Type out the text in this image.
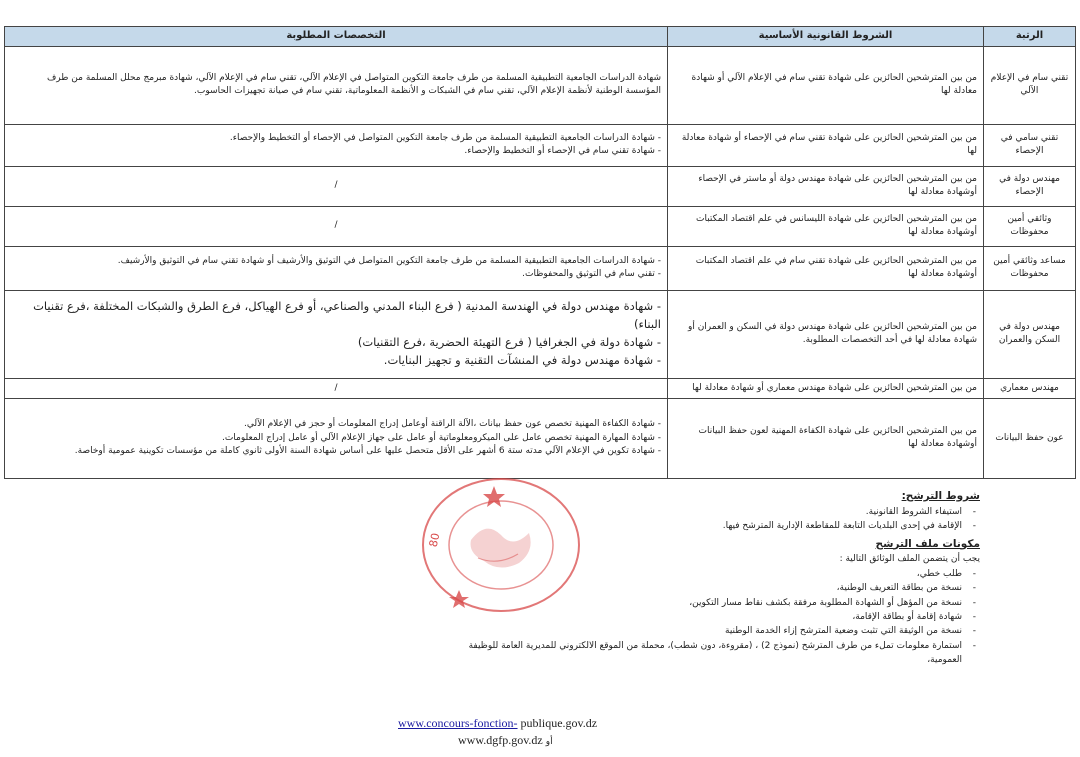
الرتبة	الشروط القانونية الأساسية	التخصصات المطلوبة
تقني سام في الإعلام الآلي	من بين المترشحين الحائزين على شهادة تقني سام في الإعلام الآلي أو شهادة معادلة لها	شهادة الدراسات الجامعية التطبيقية المسلمة من طرف جامعة التكوين المتواصل في الإعلام الآلي، تقني سام في الإعلام الآلي، شهادة مبرمج محلل المسلمة من طرف المؤسسة الوطنية لأنظمة الإعلام الآلي، تقني سام في الشبكات و الأنظمة المعلوماتية، تقني سام في صيانة تجهيزات الحاسوب.

تقني سامي في الإحصاء	من بين المترشحين الحائزين على شهادة تقني سام في الإحصاء أو شهادة معادلة لها	- شهادة الدراسات الجامعية التطبيقية المسلمة من طرف جامعة التكوين المتواصل في الإحصاء أو التخطيط والإحصاء.
- شهادة تقني سام في الإحصاء أو التخطيط والإحصاء.

مهندس دولة في الإحصاء	من بين المترشحين الحائزين على شهادة مهندس دولة أو ماستر في الإحصاء أوشهادة معادلة لها	/

وثائقي أمين محفوظات	من بين المترشحين الحائزين على شهادة الليسانس في علم اقتصاد المكتبات أوشهادة معادلة لها	/

مساعد وثائقي أمين محفوظات	من بين المترشحين الحائزين على شهادة تقني سام في علم اقتصاد المكتبات أوشهادة معادلة لها	- شهادة الدراسات الجامعية التطبيقية المسلمة من طرف جامعة التكوين المتواصل في التوثيق والأرشيف أو شهادة تقني سام في التوثيق والأرشيف.
- تقني سام في التوثيق والمحفوظات.

مهندس دولة في السكن والعمران	من بين المترشحين الحائزين على شهادة مهندس دولة في السكن و العمران أو شهادة معادلة لها في أحد التخصصات المطلوبة.	- شهادة مهندس دولة في الهندسة المدنية ( فرع البناء المدني والصناعي، أو فرع الهياكل، فرع الطرق والشبكات المختلفة ،فرع تقنيات البناء)
- شهادة دولة في الجغرافيا ( فرع التهيئة الحضرية ،فرع التقنيات)
- شهادة مهندس دولة في المنشآت التقنية و تجهيز البنايات.

مهندس معماري	من بين المترشحين الحائزين على شهادة مهندس معماري أو شهادة معادلة لها	/

عون حفظ البيانات	من بين المترشحين الحائزين على شهادة الكفاءة المهنية لعون حفظ البيانات أوشهادة معادلة لها	- شهادة الكفاءة المهنية تخصص عون حفظ بيانات ،الآلة الراقنة أوعامل إدراج المعلومات أو حجز في الإعلام الآلي.
- شهادة المهارة المهنية تخصص عامل على الميكرومعلوماتية أو عامل على جهاز الإعلام الآلي أو عامل إدراج المعلومات.
- شهادة تكوين في الإعلام الآلي مدته ستة 6 أشهر على الأقل متحصل عليها على أساس شهادة السنة الأولى ثانوي كاملة من مؤسسات تكوينية عمومية أوخاصة.
80
شروط الترشح:
- استيفاء الشروط القانونية.
- الإقامة في إحدى البلديات التابعة للمقاطعة الإدارية المترشح فيها.
مكونات ملف الترشح
يجب أن يتضمن الملف الوثائق التالية :
- طلب خطي،
- نسخة من بطاقة التعريف الوطنية،
- نسخة من المؤهل أو الشهادة المطلوبة مرفقة بكشف نقاط مسار التكوين،
- شهادة إقامة أو بطاقة الإقامة،
- نسخة من الوثيقة التي تثبت وضعية المترشح إزاء الخدمة الوطنية
- استمارة معلومات تملء من طرف المترشح (نموذج 2) ، (مقروءة، دون شطب)، محملة من الموقع الالكتروني للمديرية العامة للوظيفة العمومية،
www.concours-fonction- publique.gov.dz
www.dgfp.gov.dz أو
